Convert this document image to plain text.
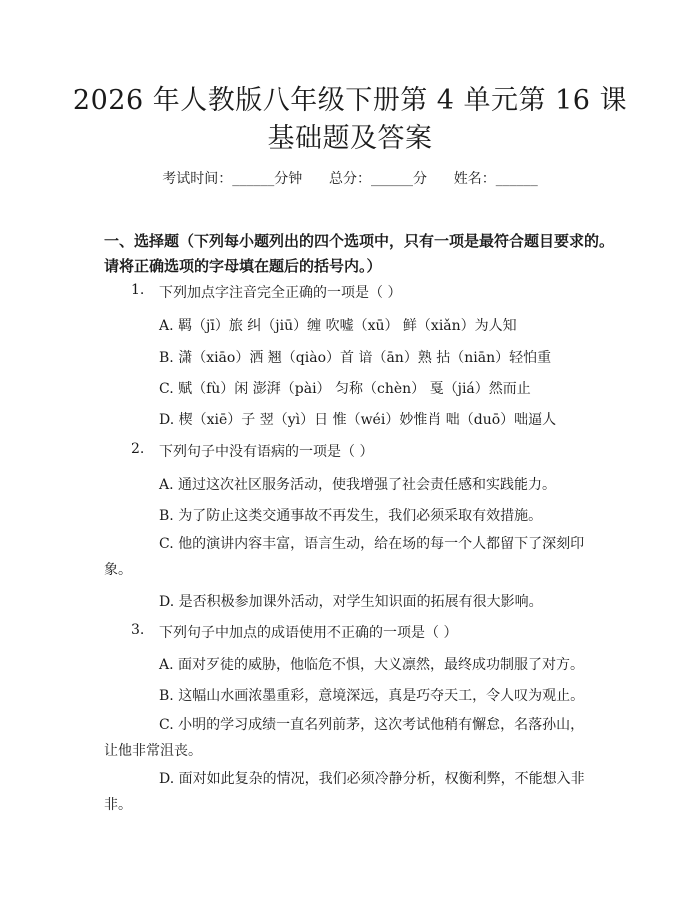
2026 年人教版八年级下册第 4 单元第 16 课
基础题及答案
考试时间：______分钟      总分：______分      姓名：______
一、选择题（下列每小题列出的四个选项中，只有一项是最符合题目要求的。请将正确选项的字母填在题后的括号内。）
1. 下列加点字注音完全正确的一项是（ ）
A. 羁（jī）旅 纠（jiū）缠 吹嘘（xū） 鲜（xiǎn）为人知
B. 潇（xiāo）洒 翘（qiào）首 谙（ān）熟 拈（niān）轻怕重
C. 赋（fù）闲 澎湃（pài） 匀称（chèn） 戛（jiá）然而止
D. 楔（xiē）子 翌（yì）日 惟（wéi）妙惟肖 咄（duō）咄逼人
2. 下列句子中没有语病的一项是（ ）
A. 通过这次社区服务活动，使我增强了社会责任感和实践能力。
B. 为了防止这类交通事故不再发生，我们必须采取有效措施。
C. 他的演讲内容丰富，语言生动，给在场的每一个人都留下了深刻印象。
D. 是否积极参加课外活动，对学生知识面的拓展有很大影响。
3. 下列句子中加点的成语使用不正确的一项是（ ）
A. 面对歹徒的威胁，他临危不惧，大义凛然，最终成功制服了对方。
B. 这幅山水画浓墨重彩，意境深远，真是巧夺天工，令人叹为观止。
C. 小明的学习成绩一直名列前茅，这次考试他稍有懈怠，名落孙山，让他非常沮丧。
D. 面对如此复杂的情况，我们必须冷静分析，权衡利弊，不能想入非非。
